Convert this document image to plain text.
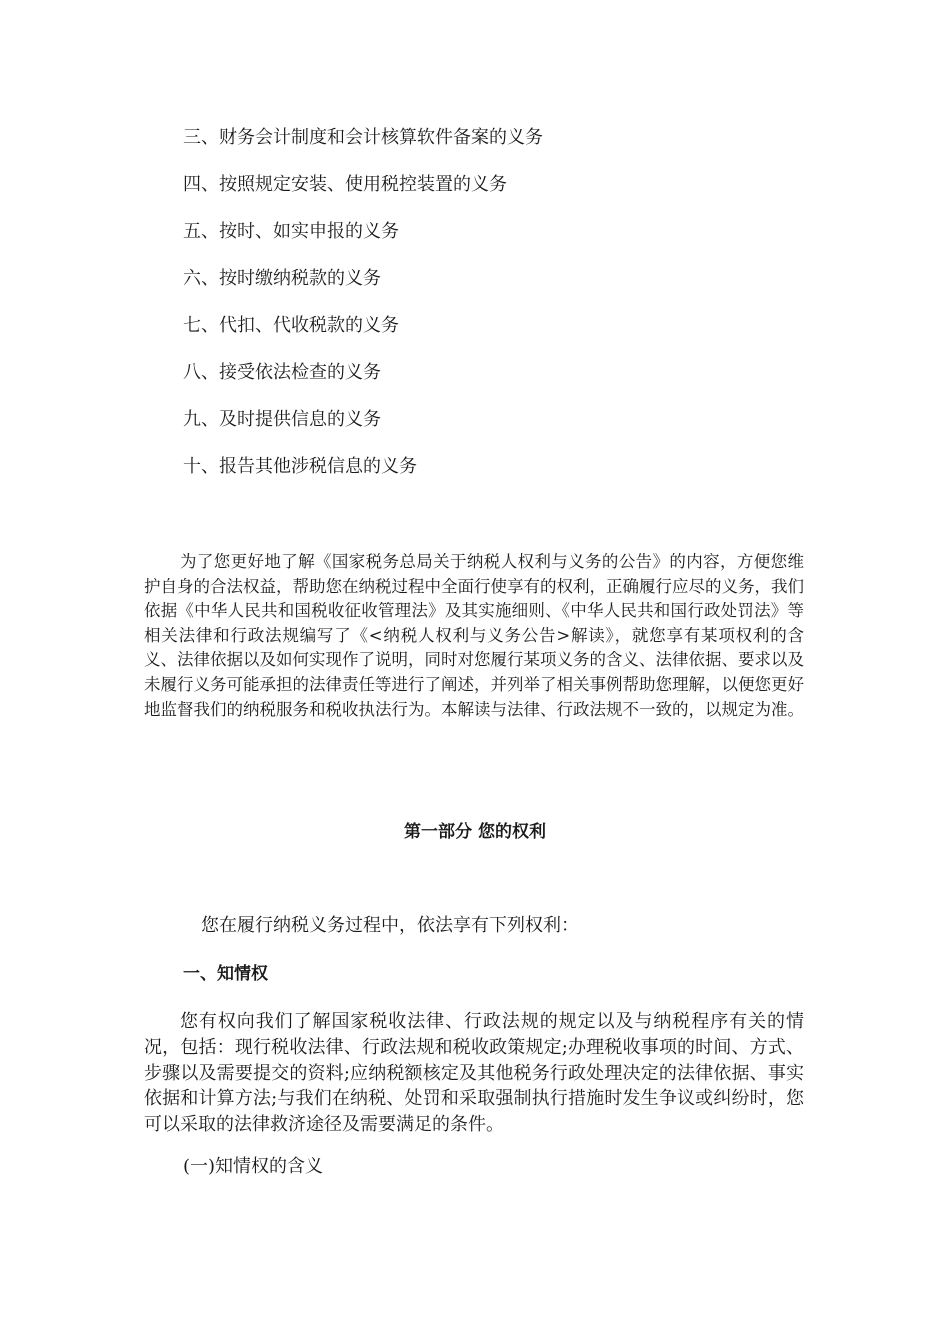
三、财务会计制度和会计核算软件备案的义务
四、按照规定安装、使用税控装置的义务
五、按时、如实申报的义务
六、按时缴纳税款的义务
七、代扣、代收税款的义务
八、接受依法检查的义务
九、及时提供信息的义务
十、报告其他涉税信息的义务

为了您更好地了解《国家税务总局关于纳税人权利与义务的公告》的内容，方便您维护自身的合法权益，帮助您在纳税过程中全面行使享有的权利，正确履行应尽的义务，我们依据《中华人民共和国税收征收管理法》及其实施细则、《中华人民共和国行政处罚法》等相关法律和行政法规编写了《<纳税人权利与义务公告>解读》，就您享有某项权利的含义、法律依据以及如何实现作了说明，同时对您履行某项义务的含义、法律依据、要求以及未履行义务可能承担的法律责任等进行了阐述，并列举了相关事例帮助您理解，以便您更好地监督我们的纳税服务和税收执法行为。本解读与法律、行政法规不一致的，以规定为准。

第一部分 您的权利

您在履行纳税义务过程中，依法享有下列权利：

一、知情权

您有权向我们了解国家税收法律、行政法规的规定以及与纳税程序有关的情况，包括：现行税收法律、行政法规和税收政策规定;办理税收事项的时间、方式、步骤以及需要提交的资料;应纳税额核定及其他税务行政处理决定的法律依据、事实依据和计算方法;与我们在纳税、处罚和采取强制执行措施时发生争议或纠纷时，您可以采取的法律救济途径及需要满足的条件。

(一)知情权的含义
